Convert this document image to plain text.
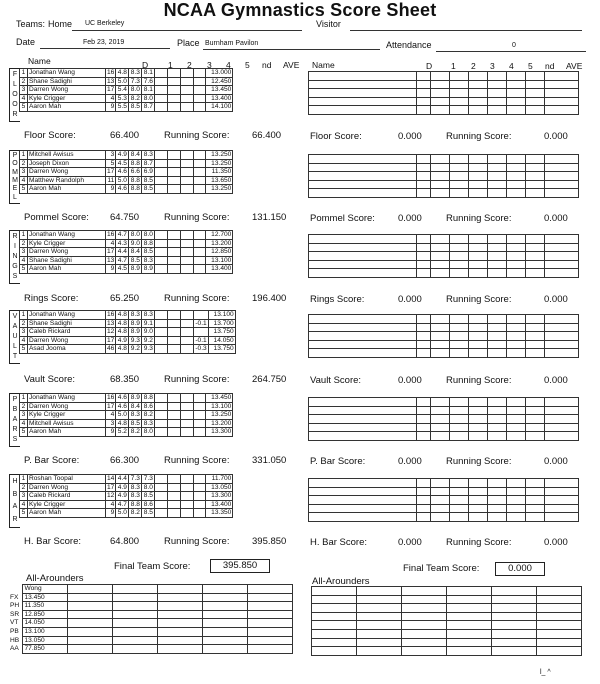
NCAA Gymnastics Score Sheet
Teams: Home UC Berkeley	Visitor
Date	Feb 23, 2019	Place Burnham Pavilon	Attendance	0
Name	D 1 2 3 4 5 nd AVE Name	D 1 2 3 4 5 nd AVE
1	Jonathan Wang	16	4.8	8.3	8.1					13.000
2	Shane Sadighi	13	5.0	7.3	7.6					12.450
3	Darren Wong	17	5.4	8.0	8.1					13.450
4	Kyle Crigger	4	5.3	8.2	8.0					13.400
5	Aaron Mah	9	5.5	8.5	8.7					14.100
F
L
O
O
R

Floor Score:	66.400	Running Score: 66.400	Floor Score:	0.000	Running Score:	0.000
1	Mitchell Awisus	3	4.9	8.4	8.3					13.250
2	Joseph Dixon	5	4.5	8.8	8.7					13.250
3	Darren Wong	17	4.6	6.6	6.9					11.350
4	Matthew Randolph	11	5.0	8.8	8.5					13.650
5	Aaron Mah	9	4.6	8.8	8.5					13.250
P
O
M
M
E
L

Pommel Score: 64.750	Running Score: 131.150 Pommel Score: 0.000	Running Score:	0.000
1	Jonathan Wang	16	4.7	8.0	8.0					12.700
2	Kyle Crigger	4	4.3	9.0	8.8					13.200
3	Darren Wong	17	4.4	8.4	8.5					12.850
4	Shane Sadighi	13	4.7	8.5	8.3					13.100
5	Aaron Mah	9	4.5	8.9	8.9					13.400
R
I
N
G
S

Rings Score:	65.250	Running Score: 196.400 Rings Score:	0.000	Running Score:	0.000
1	Jonathan Wang	16	4.8	8.3	8.3					13.100
2	Shane Sadighi	13	4.8	8.9	9.1				-0.1	13.700
3	Caleb Rickard	12	4.8	8.9	9.0					13.750
4	Darren Wong	17	4.9	9.3	9.2				-0.1	14.050
5	Asad Jooma	46	4.8	9.2	9.3				-0.3	13.750
V
A
U
L
T

Vault Score:	68.350	Running Score: 264.750 Vault Score:	0.000	Running Score:	0.000
1	Jonathan Wang	16	4.6	8.9	8.8					13.450
2	Darren Wong	17	4.6	8.4	8.6					13.100
3	Kyle Crigger	4	5.0	8.3	8.2					13.250
4	Mitchell Awisus	3	4.8	8.5	8.3					13.200
5	Aaron Mah	9	5.2	8.2	8.0					13.300
P
B
A
R
S

P. Bar Score:	66.300	Running Score: 331.050 P. Bar Score:	0.000	Running Score:	0.000
1	Roshan Toopal	14	4.4	7.3	7.3					11.700
2	Darren Wong	17	4.9	8.3	8.0					13.050
3	Caleb Rickard	12	4.9	8.3	8.5					13.300
4	Kyle Crigger	4	4.7	8.8	8.6					13.400
5	Aaron Mah	9	5.0	8.2	8.5					13.350
H
B
A
R

H. Bar Score:	64.800	Running Score: 395.850 H. Bar Score:	0.000	Running Score:	0.000
Final Team Score:	395.850	Final Team Score:	0.000
All-Arounders	All-Arounders
	Wong					
FX	13.450					
PH	11.350					
SR	12.850					
VT	14.050					
PB	13.100					
HB	13.050					
AA	77.850					

l_ ^
